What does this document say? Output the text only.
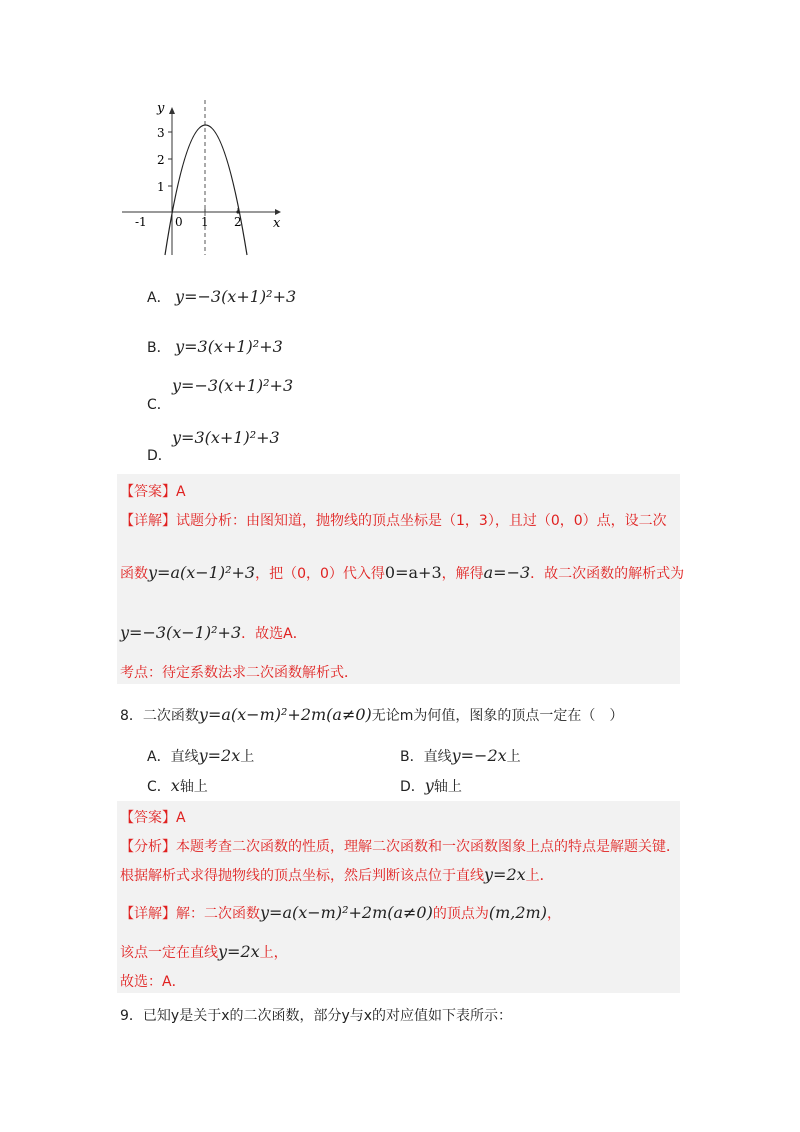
y
x
3
2
1
-1 0 1 2
A． y=−3(x+1)²+3
B． y=3(x+1)²+3
y=−3(x+1)²+3
C．
y=3(x+1)²+3
D．
【答案】A
【详解】试题分析：由图知道，抛物线的顶点坐标是（1，3），且过（0，0）点，设二次
函数y=a(x−1)²+3，把（0，0）代入得0=a+3，解得a=−3．故二次函数的解析式为
y=−3(x−1)²+3．故选A．
考点：待定系数法求二次函数解析式．
8．二次函数y=a(x−m)²+2m(a≠0)无论m为何值，图象的顶点一定在（　）
A．直线y=2x上	B．直线y=−2x上
C．x轴上	D．y轴上
【答案】A
【分析】本题考查二次函数的性质，理解二次函数和一次函数图象上点的特点是解题关键．
根据解析式求得抛物线的顶点坐标，然后判断该点位于直线y=2x上．
【详解】解：二次函数y=a(x−m)²+2m(a≠0)的顶点为(m,2m)，
该点一定在直线y=2x上，
故选：A．
9．已知y是关于x的二次函数，部分y与x的对应值如下表所示：
